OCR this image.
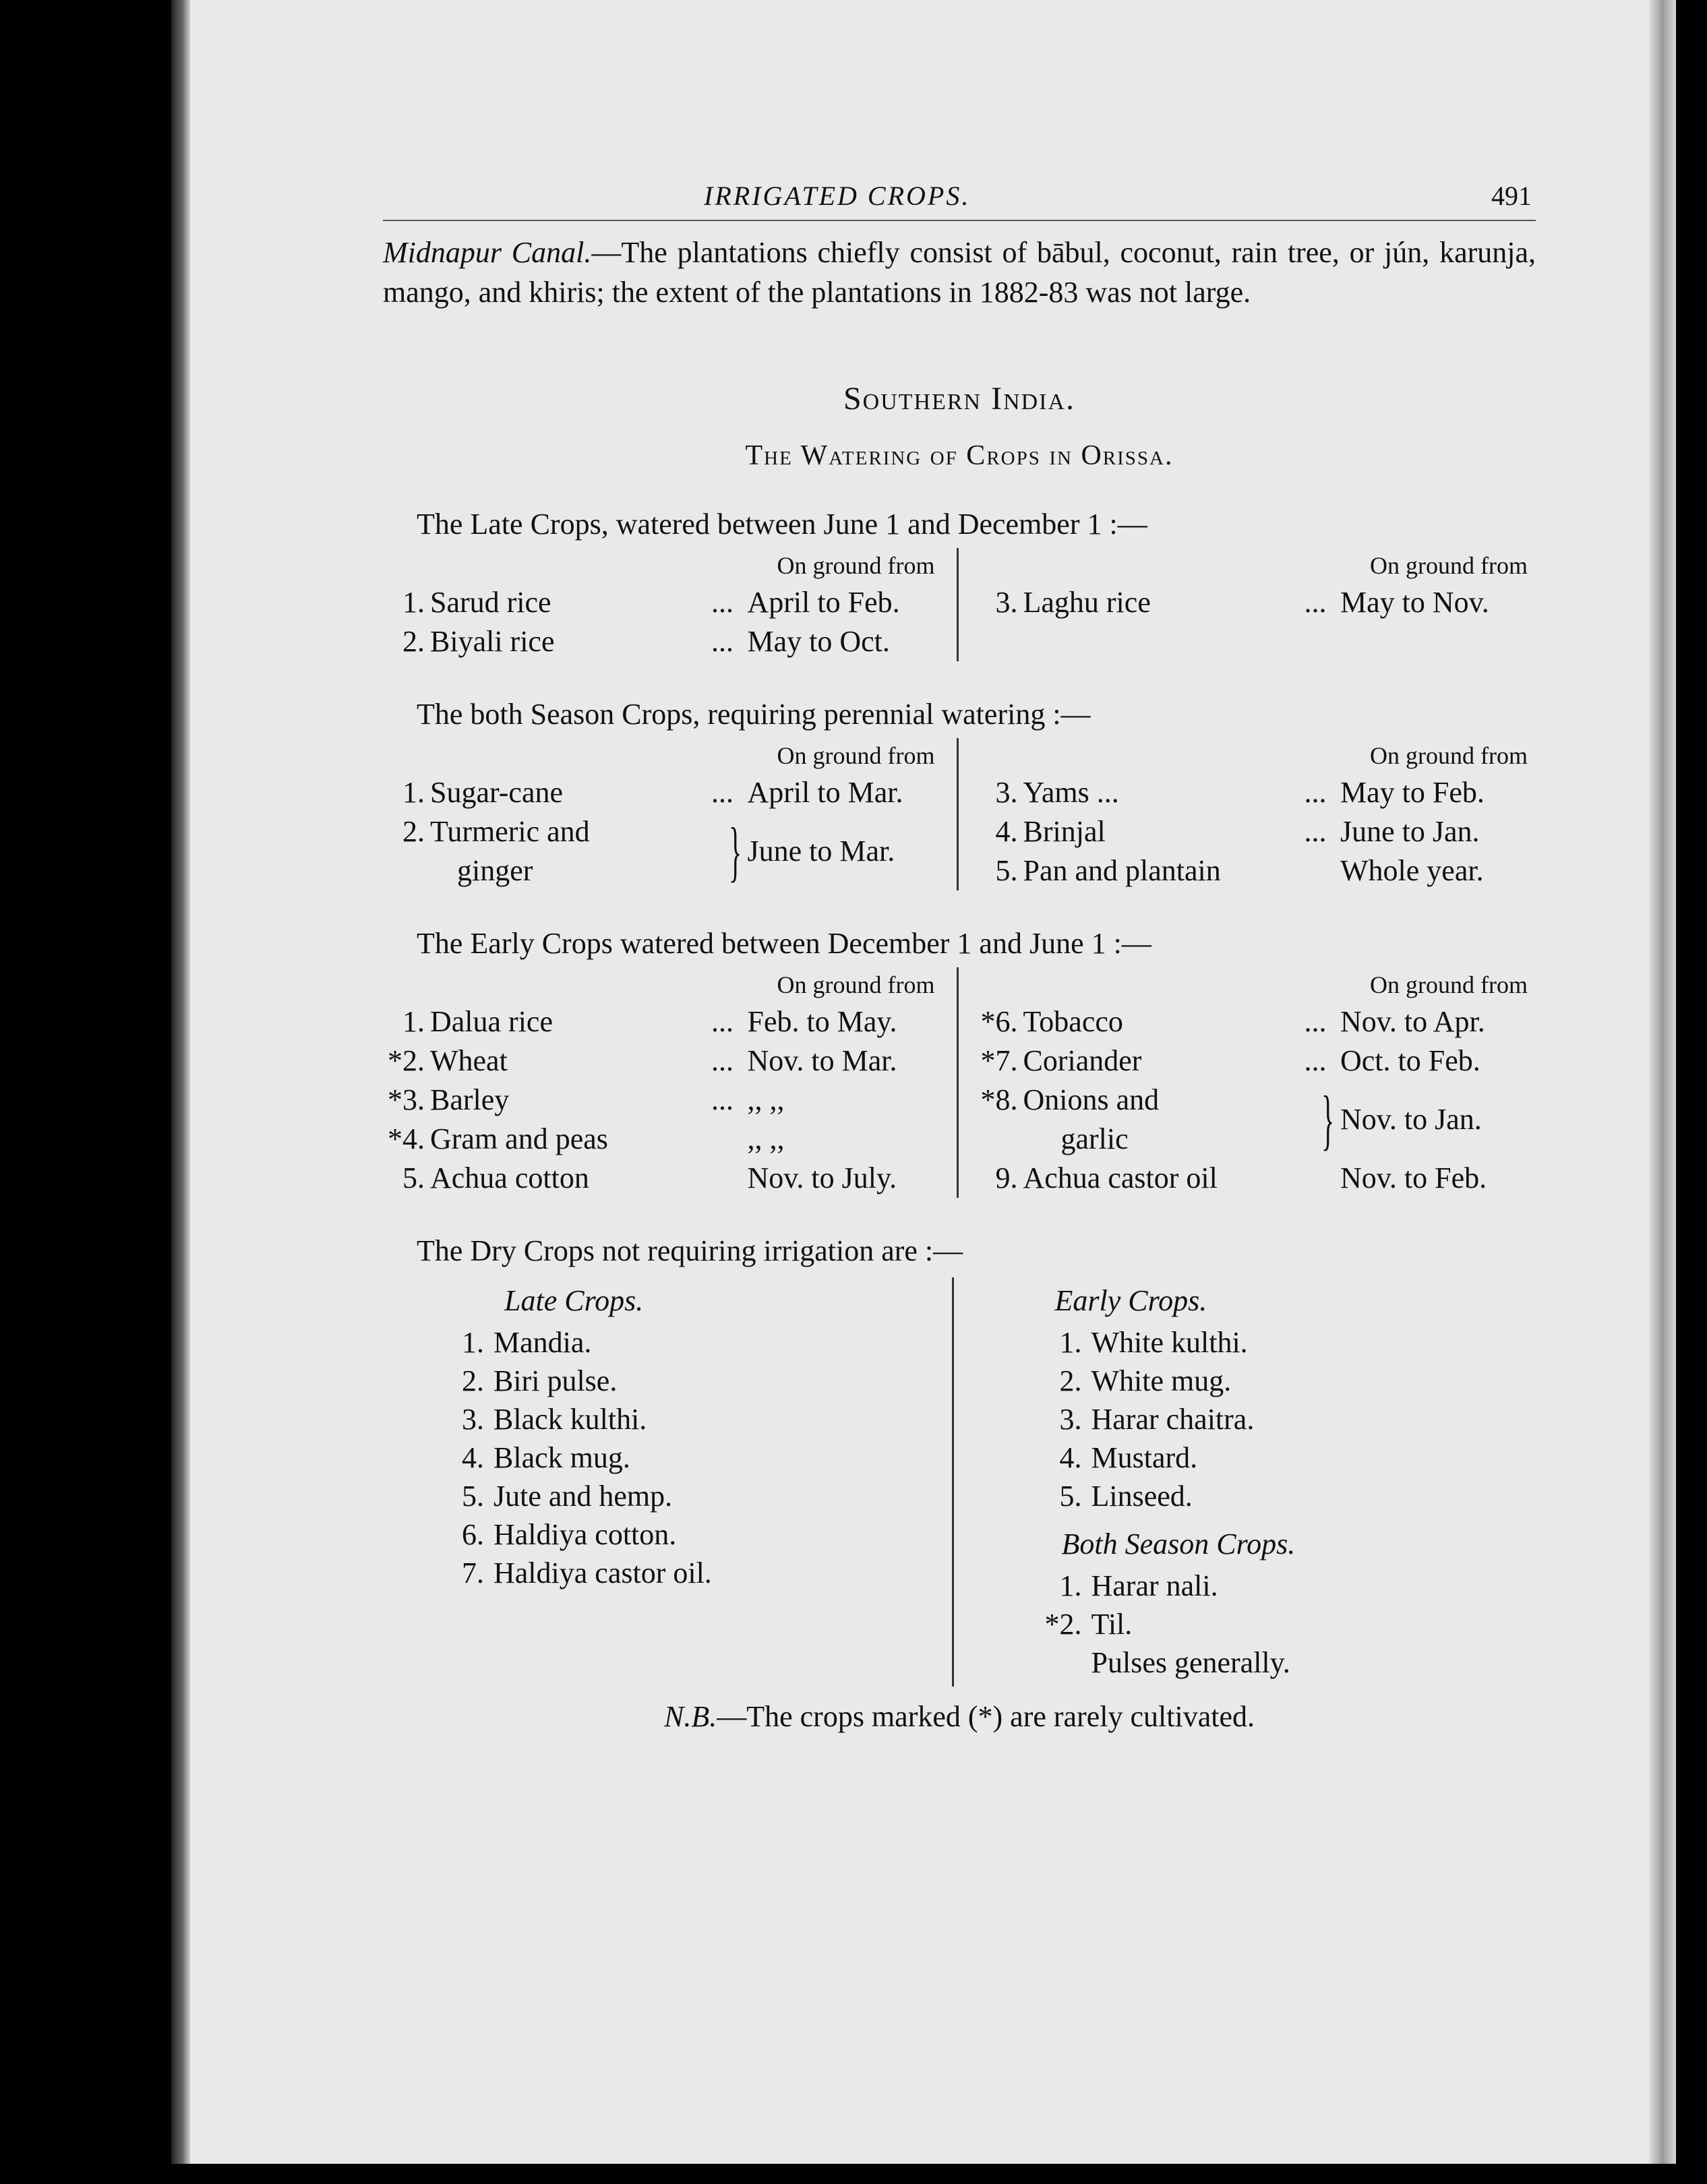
IRRIGATED CROPS.	491
Midnapur Canal.—The plantations chiefly consist of bābul, coconut, rain tree, or jún, karunja, mango, and khiris; the extent of the plantations in 1882-83 was not large.
Southern India.
The Watering of Crops in Orissa.
The Late Crops, watered between June 1 and December 1 :—
On ground from
1. Sarud rice	... April to Feb.
2. Biyali rice	... May to Oct.
On ground from
3. Laghu rice	... May to Nov.
The both Season Crops, requiring perennial watering :—
On ground from
1. Sugar-cane	... April to Mar.
2. Turmeric and
ginger	} June to Mar.
On ground from
3. Yams ...	... May to Feb.
4. Brinjal	... June to Jan.
5. Pan and plantain	Whole year.
The Early Crops watered between December 1 and June 1 :—
On ground from
1. Dalua rice	... Feb. to May.
*2. Wheat	... Nov. to Mar.
*3. Barley	... ,, ,,
*4. Gram and peas	,, ,,
5. Achua cotton	Nov. to July.
On ground from
*6. Tobacco	... Nov. to Apr.
*7. Coriander	... Oct. to Feb.
*8. Onions and
garlic	} Nov. to Jan.
9. Achua castor oil	Nov. to Feb.
The Dry Crops not requiring irrigation are :—
Late Crops.
1. Mandia.
2. Biri pulse.
3. Black kulthi.
4. Black mug.
5. Jute and hemp.
6. Haldiya cotton.
7. Haldiya castor oil.
Early Crops.
1. White kulthi.
2. White mug.
3. Harar chaitra.
4. Mustard.
5. Linseed.
Both Season Crops.
1. Harar nali.
*2. Til.
Pulses generally.
N.B.—The crops marked (*) are rarely cultivated.
